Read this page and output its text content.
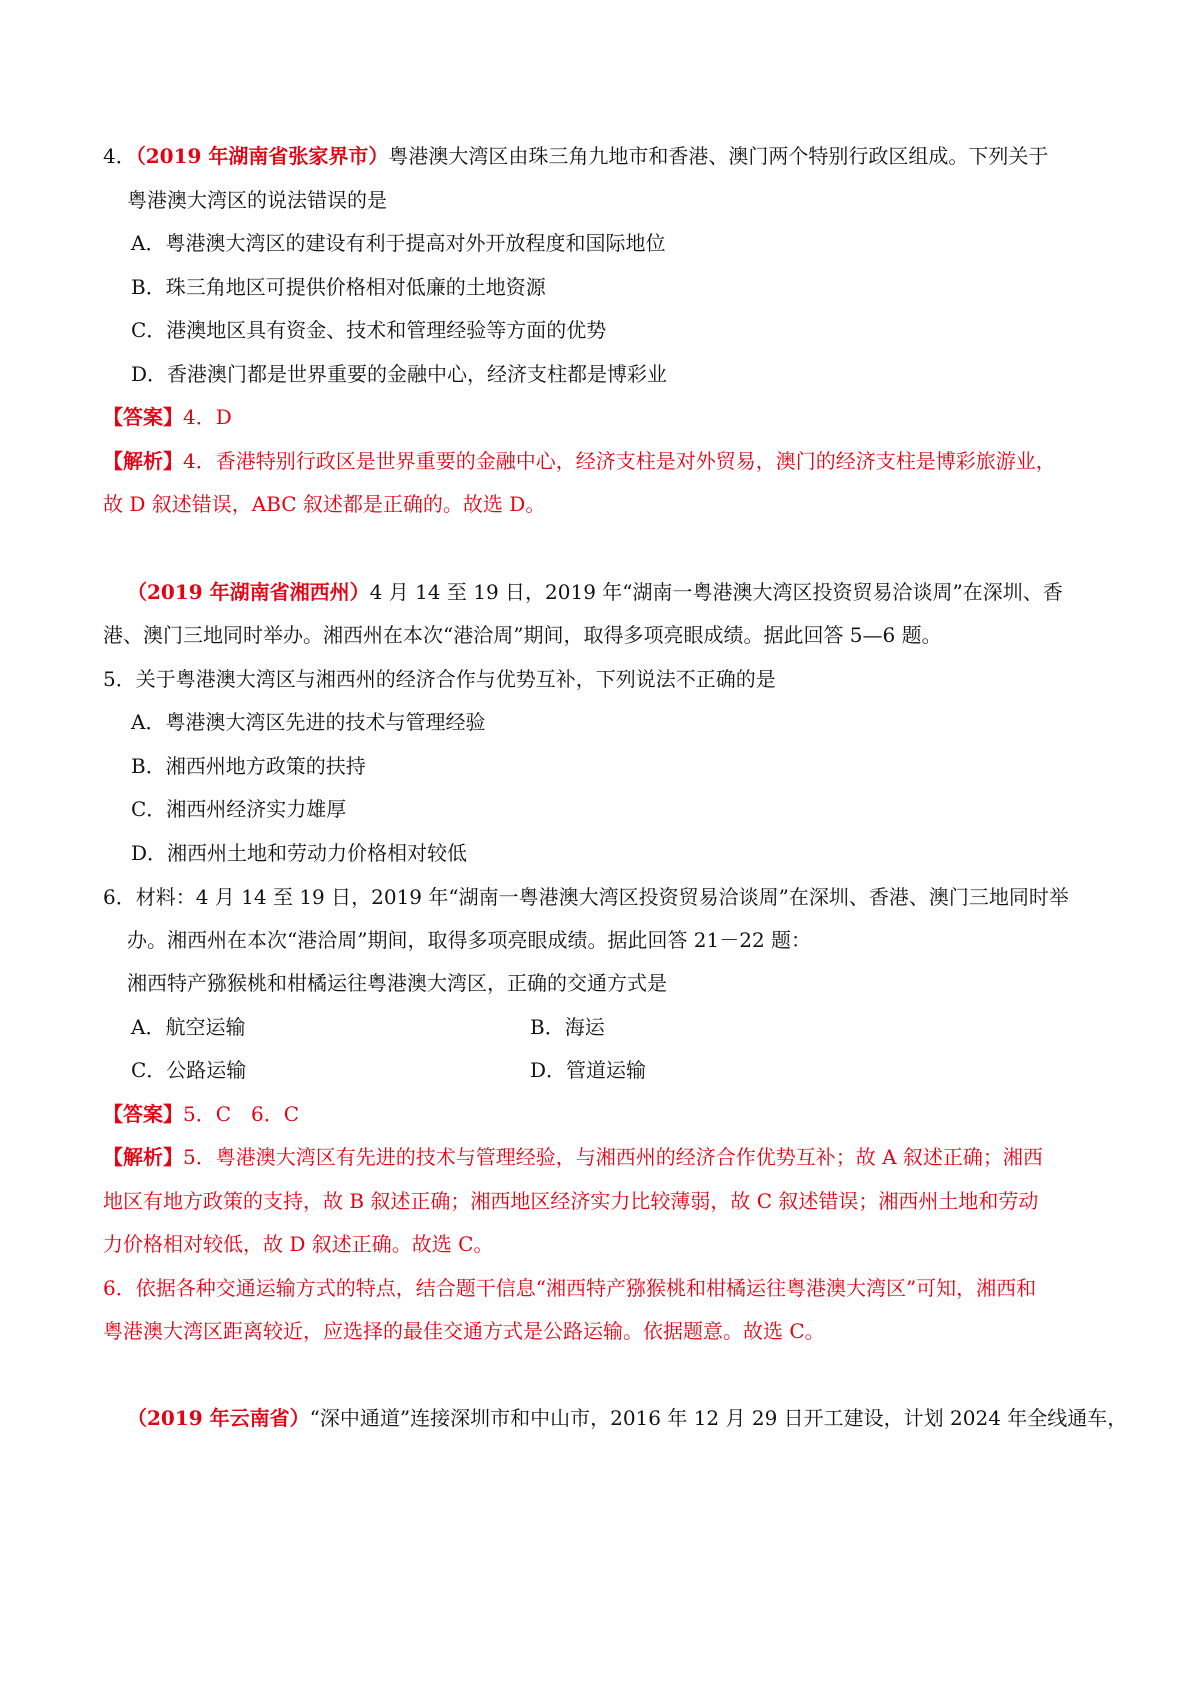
4．（2019 年湖南省张家界市）粤港澳大湾区由珠三角九地市和香港、澳门两个特别行政区组成。下列关于
粤港澳大湾区的说法错误的是
A．粤港澳大湾区的建设有利于提高对外开放程度和国际地位
B．珠三角地区可提供价格相对低廉的土地资源
C．港澳地区具有资金、技术和管理经验等方面的优势
D．香港澳门都是世界重要的金融中心，经济支柱都是博彩业
【答案】4．D
【解析】4．香港特别行政区是世界重要的金融中心，经济支柱是对外贸易，澳门的经济支柱是博彩旅游业，
故 D 叙述错误，ABC 叙述都是正确的。故选 D。
（2019 年湖南省湘西州）4 月 14 至 19 日，2019 年“湖南一粤港澳大湾区投资贸易洽谈周”在深圳、香
港、澳门三地同时举办。湘西州在本次“港洽周”期间，取得多项亮眼成绩。据此回答 5—6 题。
5．关于粤港澳大湾区与湘西州的经济合作与优势互补，下列说法不正确的是
A．粤港澳大湾区先进的技术与管理经验
B．湘西州地方政策的扶持
C．湘西州经济实力雄厚
D．湘西州土地和劳动力价格相对较低
6．材料：4 月 14 至 19 日，2019 年“湖南一粤港澳大湾区投资贸易洽谈周”在深圳、香港、澳门三地同时举
办。湘西州在本次“港洽周”期间，取得多项亮眼成绩。据此回答 21－22 题：
湘西特产猕猴桃和柑橘运往粤港澳大湾区，正确的交通方式是
A．航空运输	B．海运
C．公路运输	D．管道运输
【答案】5．C　6．C
【解析】5．粤港澳大湾区有先进的技术与管理经验，与湘西州的经济合作优势互补；故 A 叙述正确；湘西
地区有地方政策的支持，故 B 叙述正确；湘西地区经济实力比较薄弱，故 C 叙述错误；湘西州土地和劳动
力价格相对较低，故 D 叙述正确。故选 C。
6．依据各种交通运输方式的特点，结合题干信息“湘西特产猕猴桃和柑橘运往粤港澳大湾区”可知，湘西和
粤港澳大湾区距离较近，应选择的最佳交通方式是公路运输。依据题意。故选 C。
（2019 年云南省）“深中通道”连接深圳市和中山市，2016 年 12 月 29 日开工建设，计划 2024 年全线通车，
